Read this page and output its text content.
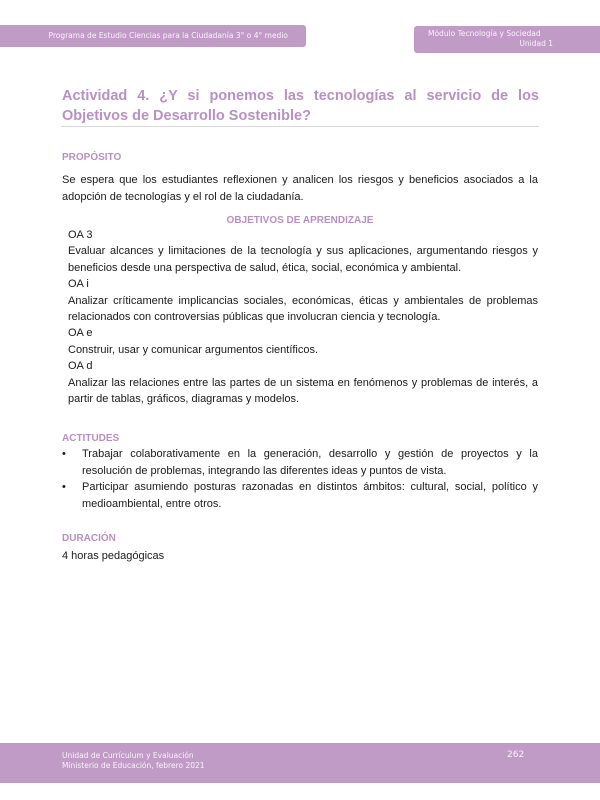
Programa de Estudio Ciencias para la Ciudadanía 3° o 4° medio	Módulo Tecnología y Sociedad
Unidad 1
Actividad 4. ¿Y si ponemos las tecnologías al servicio de los Objetivos de Desarrollo Sostenible?
PROPÓSITO
Se espera que los estudiantes reflexionen y analicen los riesgos y beneficios asociados a la adopción de tecnologías y el rol de la ciudadanía.
OBJETIVOS DE APRENDIZAJE
OA 3
Evaluar alcances y limitaciones de la tecnología y sus aplicaciones, argumentando riesgos y beneficios desde una perspectiva de salud, ética, social, económica y ambiental.
OA i
Analizar críticamente implicancias sociales, económicas, éticas y ambientales de problemas relacionados con controversias públicas que involucran ciencia y tecnología.
OA e
Construir, usar y comunicar argumentos científicos.
OA d
Analizar las relaciones entre las partes de un sistema en fenómenos y problemas de interés, a partir de tablas, gráficos, diagramas y modelos.
ACTITUDES
• Trabajar colaborativamente en la generación, desarrollo y gestión de proyectos y la resolución de problemas, integrando las diferentes ideas y puntos de vista.
• Participar asumiendo posturas razonadas en distintos ámbitos: cultural, social, político y medioambiental, entre otros.
DURACIÓN
4 horas pedagógicas
Unidad de Currículum y Evaluación
Ministerio de Educación, febrero 2021
262
